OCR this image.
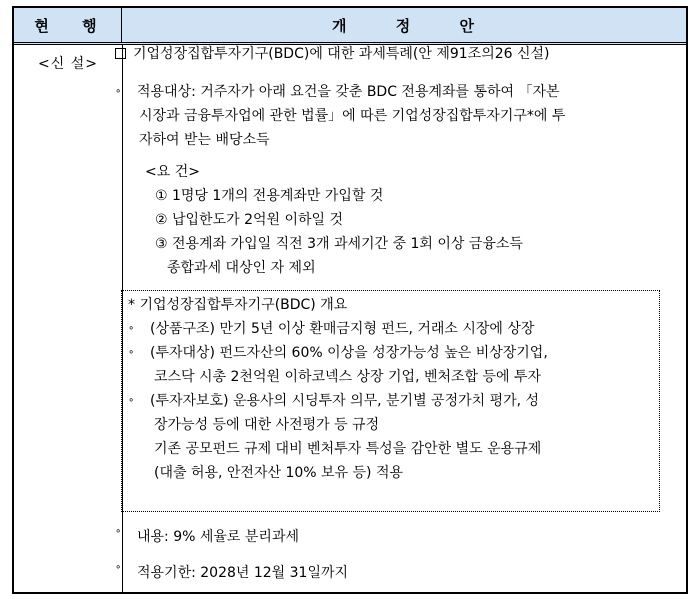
현 행	개 정 안
<신 설>
기업성장집합투자기구(BDC)에 대한 과세특례(안 제91조의26 신설)
∘ 적용대상: 거주자가 아래 요건을 갖춘 BDC 전용계좌를 통하여 「자본
시장과 금융투자업에 관한 법률」에 따른 기업성장집합투자기구*에 투
자하여 받는 배당소득
<요 건>
① 1명당 1개의 전용계좌만 가입할 것
② 납입한도가 2억원 이하일 것
③ 전용계좌 가입일 직전 3개 과세기간 중 1회 이상 금융소득
종합과세 대상인 자 제외
* 기업성장집합투자기구(BDC) 개요
∘ (상품구조) 만기 5년 이상 환매금지형 펀드, 거래소 시장에 상장
∘ (투자대상) 펀드자산의 60% 이상을 성장가능성 높은 비상장기업,
코스닥 시총 2천억원 이하코넥스 상장 기업, 벤처조합 등에 투자
∘ (투자자보호) 운용사의 시딩투자 의무, 분기별 공정가치 평가, 성
장가능성 등에 대한 사전평가 등 규정
기존 공모펀드 규제 대비 벤처투자 특성을 감안한 별도 운용규제
(대출 허용, 안전자산 10% 보유 등) 적용
∘ 내용: 9% 세율로 분리과세
∘ 적용기한: 2028년 12월 31일까지
